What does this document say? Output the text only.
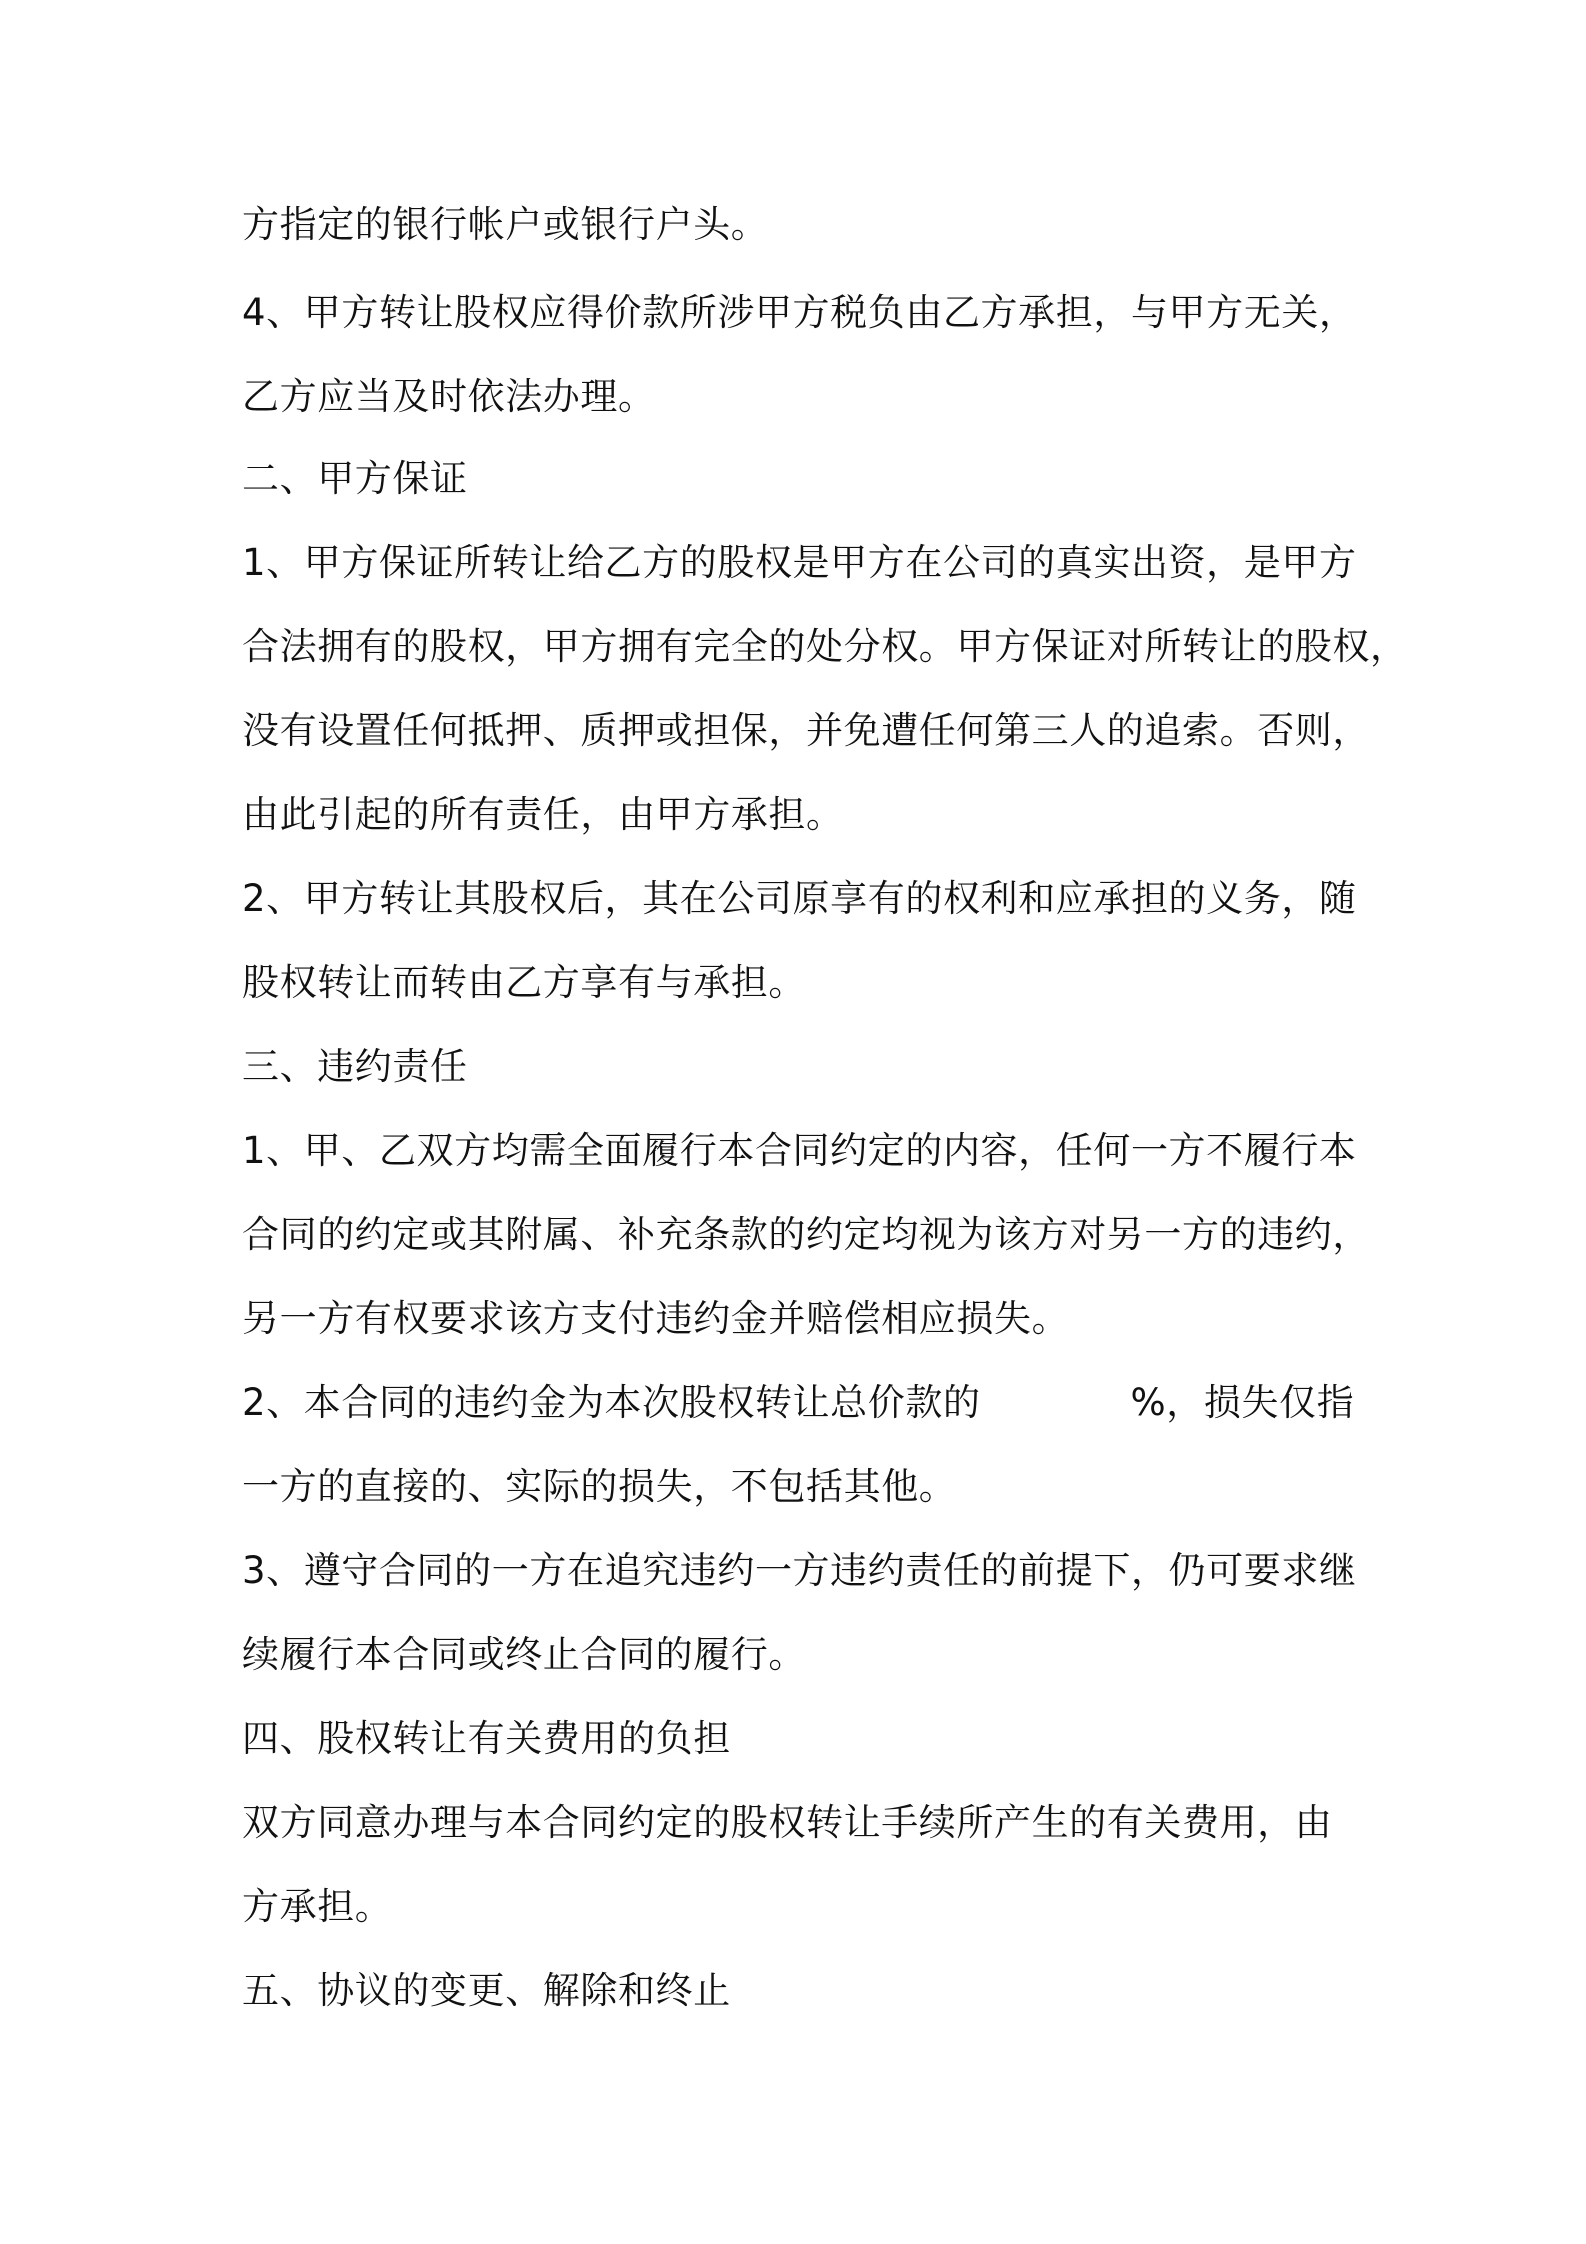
方指定的银行帐户或银行户头。
4、甲方转让股权应得价款所涉甲方税负由乙方承担，与甲方无关，
乙方应当及时依法办理。
二、甲方保证
1、甲方保证所转让给乙方的股权是甲方在公司的真实出资，是甲方
合法拥有的股权，甲方拥有完全的处分权。甲方保证对所转让的股权，
没有设置任何抵押、质押或担保，并免遭任何第三人的追索。否则，
由此引起的所有责任，由甲方承担。
2、甲方转让其股权后，其在公司原享有的权利和应承担的义务，随
股权转让而转由乙方享有与承担。
三、违约责任
1、甲、乙双方均需全面履行本合同约定的内容，任何一方不履行本
合同的约定或其附属、补充条款的约定均视为该方对另一方的违约，
另一方有权要求该方支付违约金并赔偿相应损失。
2、本合同的违约金为本次股权转让总价款的	%，损失仅指
一方的直接的、实际的损失，不包括其他。
3、遵守合同的一方在追究违约一方违约责任的前提下，仍可要求继
续履行本合同或终止合同的履行。
四、股权转让有关费用的负担
双方同意办理与本合同约定的股权转让手续所产生的有关费用，由
方承担。
五、协议的变更、解除和终止
